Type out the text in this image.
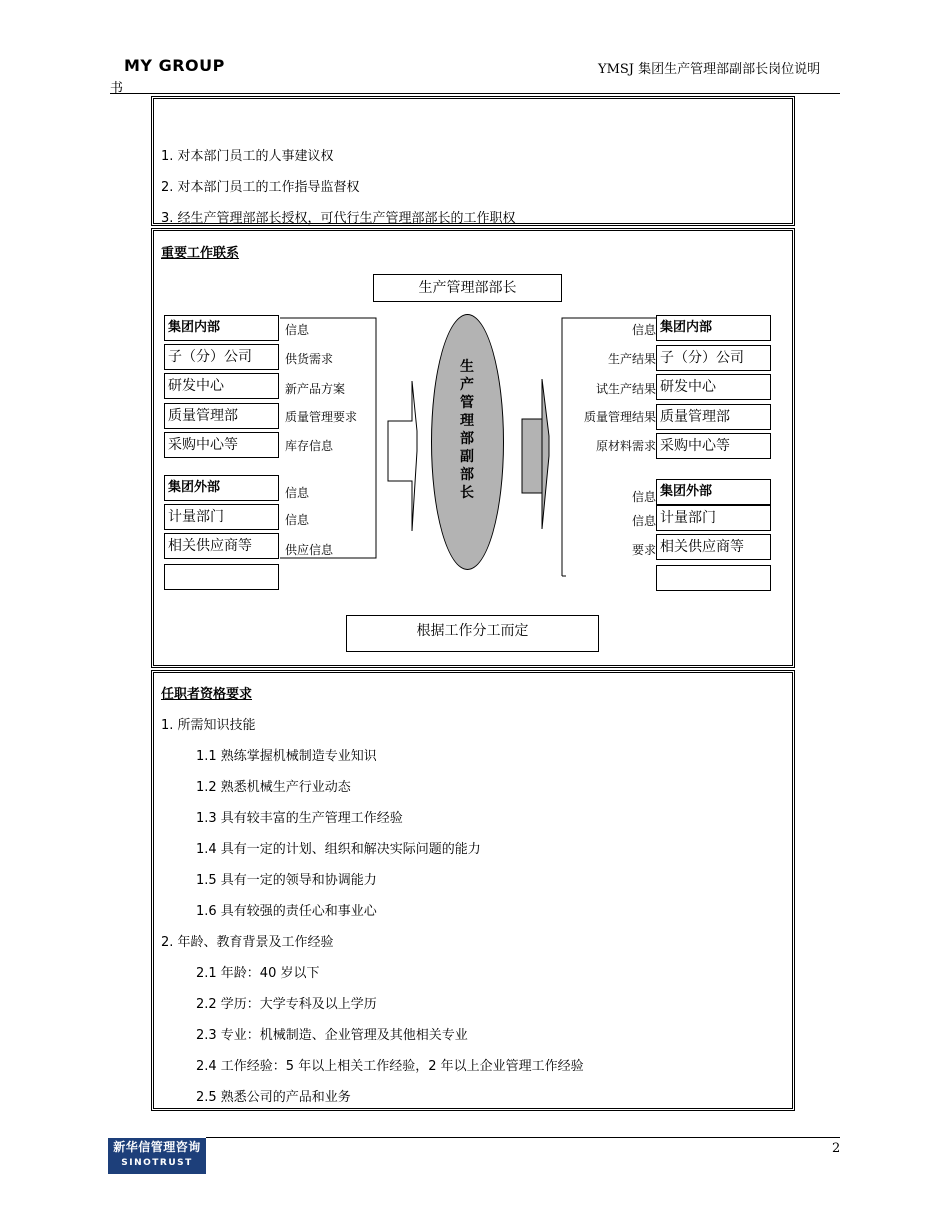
MY GROUP	YMSJ 集团生产管理部副部长岗位说明
书
1. 对本部门员工的人事建议权
2. 对本部门员工的工作指导监督权
3. 经生产管理部部长授权，可代行生产管理部部长的工作职权
重要工作联系
生产管理部部长
生产管理部副部长
集团内部
子（分）公司
研发中心
质量管理部
采购中心等
集团外部
计量部门
相关供应商等
信息
供货需求
新产品方案
质量管理要求
库存信息
信息
信息
供应信息
集团内部
子（分）公司
研发中心
质量管理部
采购中心等
集团外部
计量部门
相关供应商等
信息
生产结果
试生产结果
质量管理结果
原材料需求
信息
信息
要求
根据工作分工而定
任职者资格要求
1. 所需知识技能
1.1 熟练掌握机械制造专业知识
1.2 熟悉机械生产行业动态
1.3 具有较丰富的生产管理工作经验
1.4 具有一定的计划、组织和解决实际问题的能力
1.5 具有一定的领导和协调能力
1.6 具有较强的责任心和事业心
2. 年龄、教育背景及工作经验
2.1 年龄：40 岁以下
2.2 学历：大学专科及以上学历
2.3 专业：机械制造、企业管理及其他相关专业
2.4 工作经验：5 年以上相关工作经验，2 年以上企业管理工作经验
2.5 熟悉公司的产品和业务
新华信管理咨询
SINOTRUST
2
